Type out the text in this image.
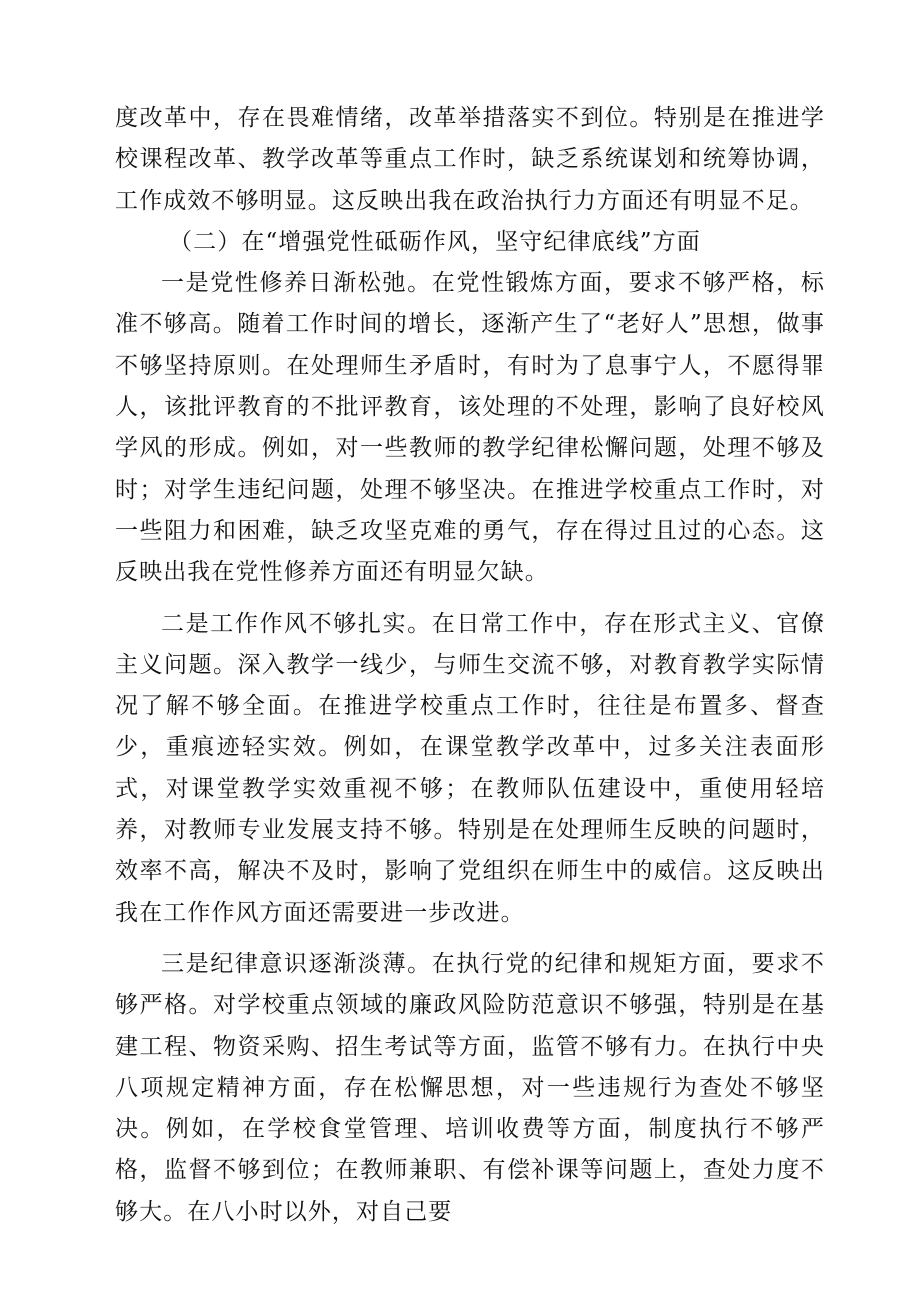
度改革中，存在畏难情绪，改革举措落实不到位。特别是在推进学校课程改革、教学改革等重点工作时，缺乏系统谋划和统筹协调，工作成效不够明显。这反映出我在政治执行力方面还有明显不足。

（二）在“增强党性砥砺作风，坚守纪律底线”方面

一是党性修养日渐松弛。在党性锻炼方面，要求不够严格，标准不够高。随着工作时间的增长，逐渐产生了“老好人”思想，做事不够坚持原则。在处理师生矛盾时，有时为了息事宁人，不愿得罪人，该批评教育的不批评教育，该处理的不处理，影响了良好校风学风的形成。例如，对一些教师的教学纪律松懈问题，处理不够及时；对学生违纪问题，处理不够坚决。在推进学校重点工作时，对一些阻力和困难，缺乏攻坚克难的勇气，存在得过且过的心态。这反映出我在党性修养方面还有明显欠缺。

二是工作作风不够扎实。在日常工作中，存在形式主义、官僚主义问题。深入教学一线少，与师生交流不够，对教育教学实际情况了解不够全面。在推进学校重点工作时，往往是布置多、督查少，重痕迹轻实效。例如，在课堂教学改革中，过多关注表面形式，对课堂教学实效重视不够；在教师队伍建设中，重使用轻培养，对教师专业发展支持不够。特别是在处理师生反映的问题时，效率不高，解决不及时，影响了党组织在师生中的威信。这反映出我在工作作风方面还需要进一步改进。

三是纪律意识逐渐淡薄。在执行党的纪律和规矩方面，要求不够严格。对学校重点领域的廉政风险防范意识不够强，特别是在基建工程、物资采购、招生考试等方面，监管不够有力。在执行中央八项规定精神方面，存在松懈思想，对一些违规行为查处不够坚决。例如，在学校食堂管理、培训收费等方面，制度执行不够严格，监督不够到位；在教师兼职、有偿补课等问题上，查处力度不够大。在八小时以外，对自己要
